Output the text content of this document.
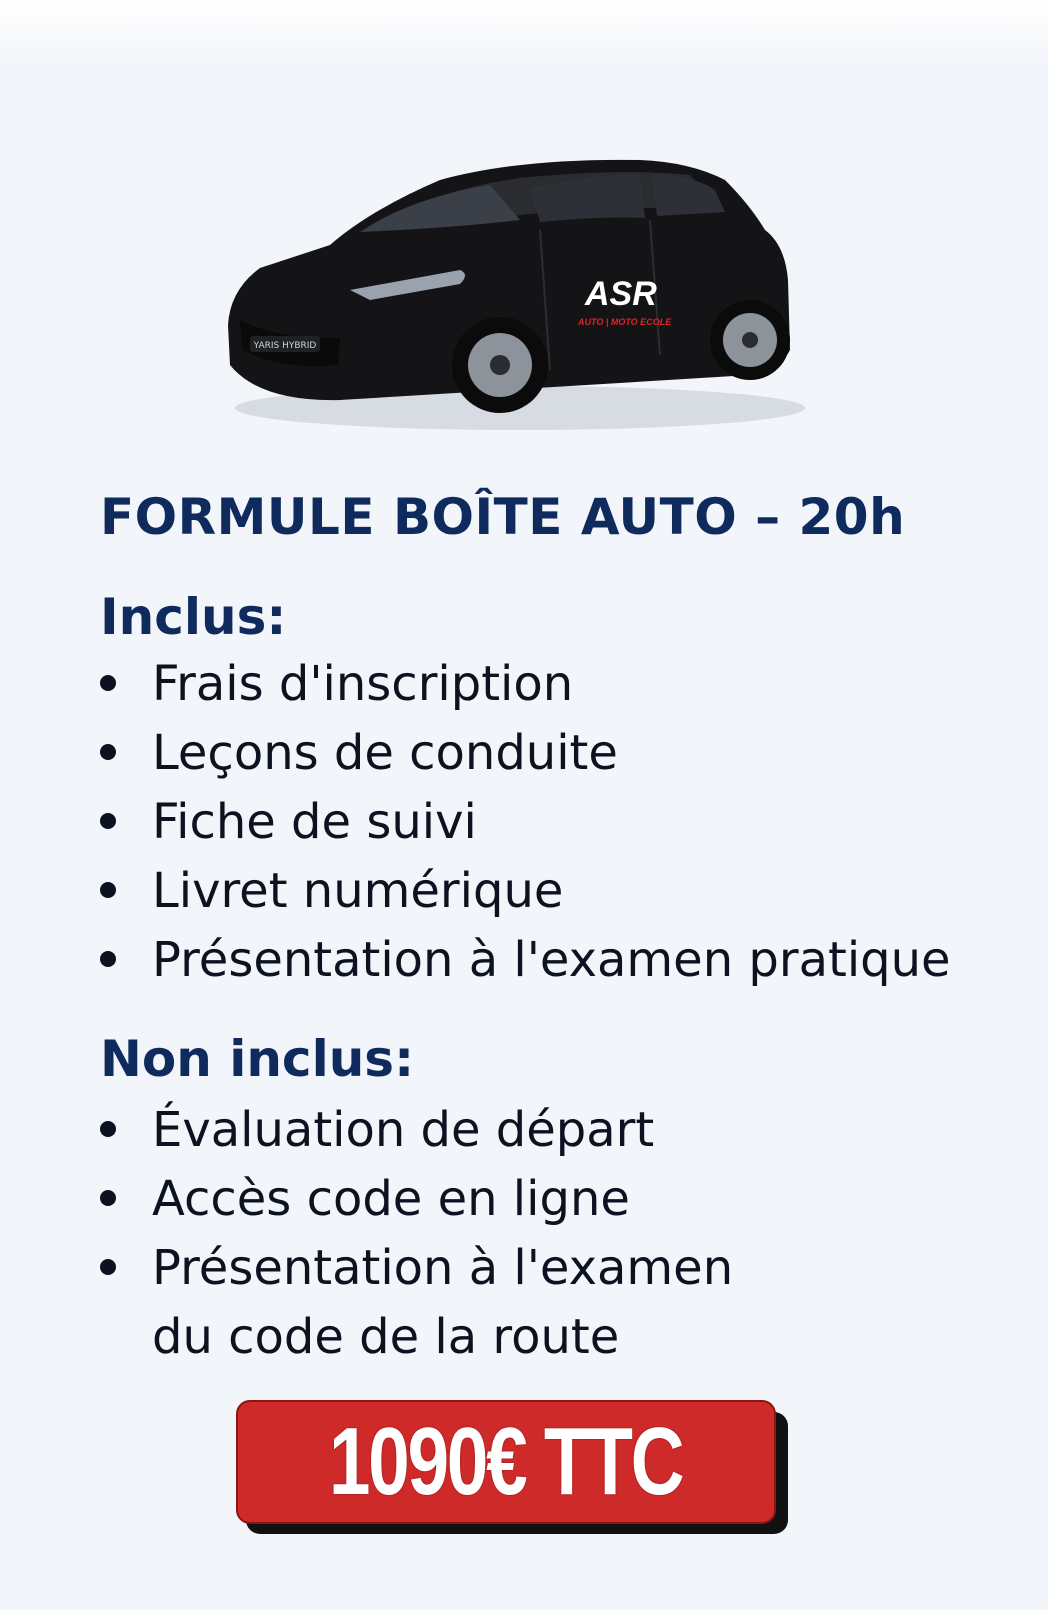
YARIS HYBRID
ASR
AUTO | MOTO ECOLE
FORMULE BOÎTE AUTO – 20h
Inclus:
Frais d'inscription
Leçons de conduite
Fiche de suivi
Livret numérique
Présentation à l'examen pratique
Non inclus:
Évaluation de départ
Accès code en ligne
Présentation à l'examen du code de la route
1090€ TTC
